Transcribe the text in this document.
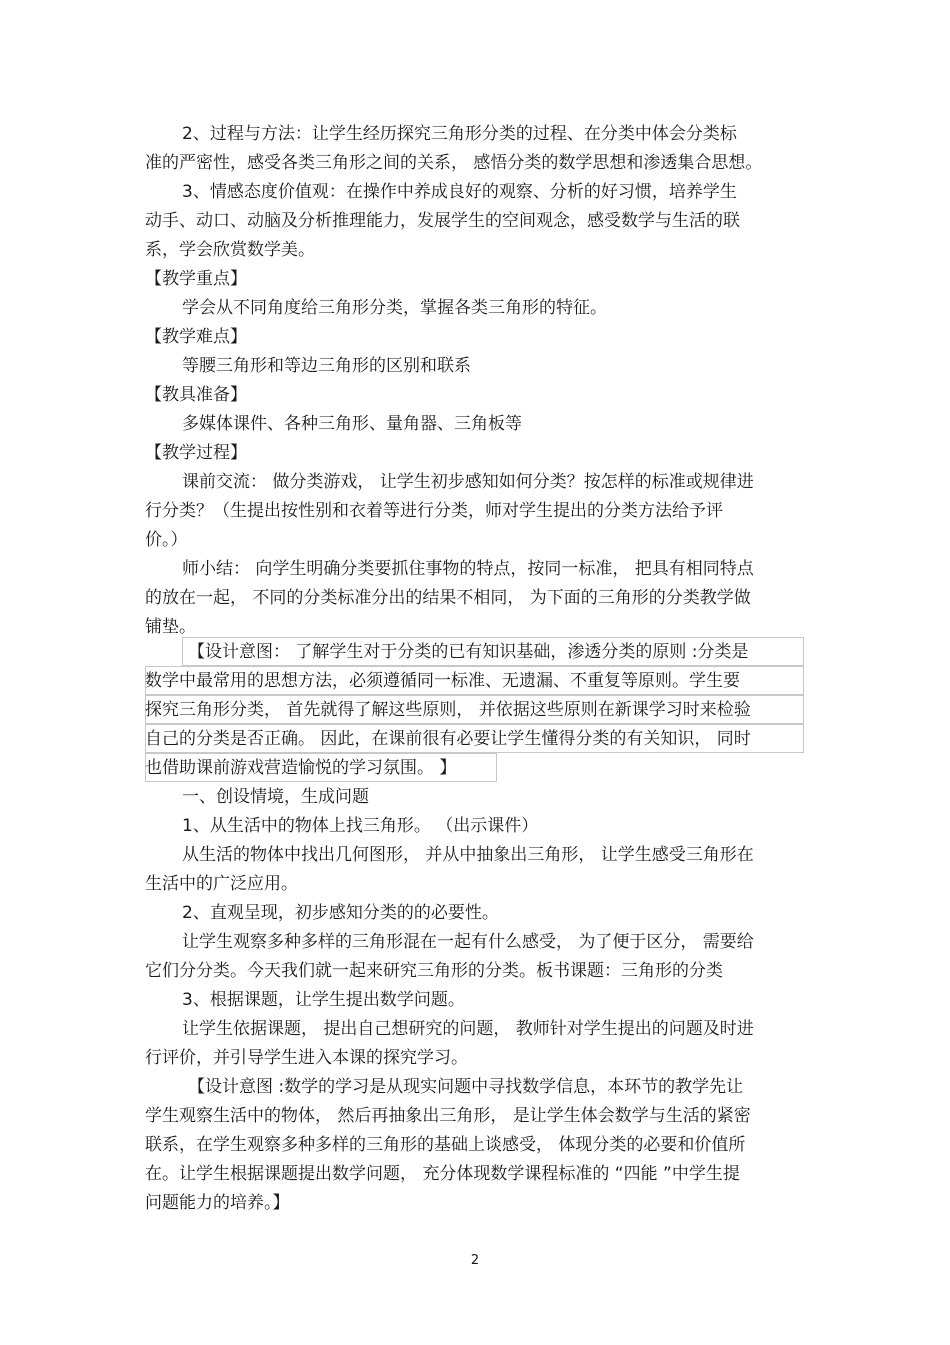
2、过程与方法：让学生经历探究三角形分类的过程、在分类中体会分类标

准的严密性，感受各类三角形之间的关系， 感悟分类的数学思想和渗透集合思想。

3、情感态度价值观：在操作中养成良好的观察、分析的好习惯，培养学生

动手、动口、动脑及分析推理能力，发展学生的空间观念，感受数学与生活的联

系，学会欣赏数学美。

【教学重点】

学会从不同角度给三角形分类，掌握各类三角形的特征。

【教学难点】

等腰三角形和等边三角形的区别和联系

【教具准备】

多媒体课件、各种三角形、量角器、三角板等

【教学过程】

课前交流： 做分类游戏， 让学生初步感知如何分类？按怎样的标准或规律进

行分类？（生提出按性别和衣着等进行分类，师对学生提出的分类方法给予评

价。）

师小结： 向学生明确分类要抓住事物的特点，按同一标准， 把具有相同特点

的放在一起， 不同的分类标准分出的结果不相同， 为下面的三角形的分类教学做

铺垫。

【设计意图： 了解学生对于分类的已有知识基础，渗透分类的原则 :分类是

数学中最常用的思想方法，必须遵循同一标准、无遗漏、不重复等原则。学生要

探究三角形分类， 首先就得了解这些原则， 并依据这些原则在新课学习时来检验

自己的分类是否正确。 因此，在课前很有必要让学生懂得分类的有关知识， 同时

也借助课前游戏营造愉悦的学习氛围。 】

一、创设情境，生成问题

1、从生活中的物体上找三角形。 （出示课件）

从生活的物体中找出几何图形， 并从中抽象出三角形， 让学生感受三角形在

生活中的广泛应用。

2、直观呈现，初步感知分类的的必要性。

让学生观察多种多样的三角形混在一起有什么感受， 为了便于区分， 需要给

它们分分类。今天我们就一起来研究三角形的分类。板书课题：三角形的分类

3、根据课题，让学生提出数学问题。

让学生依据课题， 提出自己想研究的问题， 教师针对学生提出的问题及时进

行评价，并引导学生进入本课的探究学习。

【设计意图 :数学的学习是从现实问题中寻找数学信息，本环节的教学先让

学生观察生活中的物体， 然后再抽象出三角形， 是让学生体会数学与生活的紧密

联系，在学生观察多种多样的三角形的基础上谈感受， 体现分类的必要和价值所

在。让学生根据课题提出数学问题， 充分体现数学课程标准的 “四能 ”中学生提

问题能力的培养。】

2
